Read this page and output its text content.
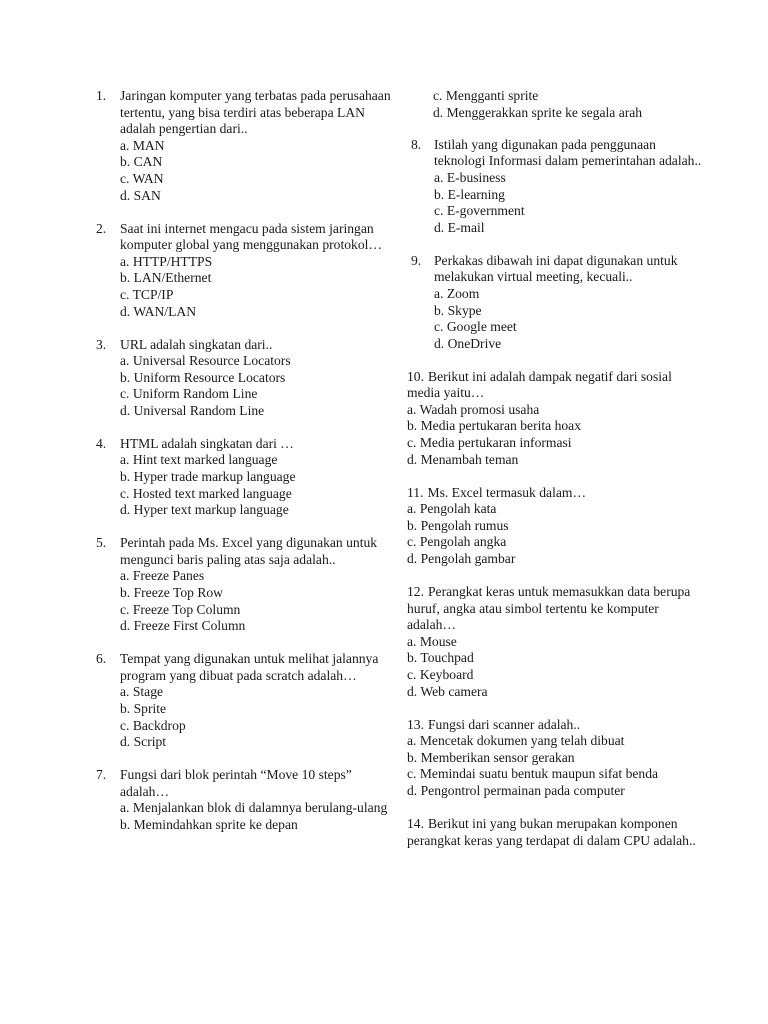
1. Jaringan komputer yang terbatas pada perusahaan tertentu, yang bisa terdiri atas beberapa LAN adalah pengertian dari..
a. MAN
b. CAN
c. WAN
d. SAN
2. Saat ini internet mengacu pada sistem jaringan komputer global yang menggunakan protokol…
a. HTTP/HTTPS
b. LAN/Ethernet
c. TCP/IP
d. WAN/LAN
3. URL adalah singkatan dari..
a. Universal Resource Locators
b. Uniform Resource Locators
c. Uniform Random Line
d. Universal Random Line
4. HTML adalah singkatan dari …
a. Hint text marked language
b. Hyper trade markup language
c. Hosted text marked language
d. Hyper text markup language
5. Perintah pada Ms. Excel yang digunakan untuk mengunci baris paling atas saja adalah..
a. Freeze Panes
b. Freeze Top Row
c. Freeze Top Column
d. Freeze First Column
6. Tempat yang digunakan untuk melihat jalannya program yang dibuat pada scratch adalah…
a. Stage
b. Sprite
c. Backdrop
d. Script
7. Fungsi dari blok perintah “Move 10 steps” adalah…
a. Menjalankan blok di dalamnya berulang-ulang
b. Memindahkan sprite ke depan
c. Mengganti sprite
d. Menggerakkan sprite ke segala arah
8. Istilah yang digunakan pada penggunaan teknologi Informasi dalam pemerintahan adalah..
a. E-business
b. E-learning
c. E-government
d. E-mail
9. Perkakas dibawah ini dapat digunakan untuk melakukan virtual meeting, kecuali..
a. Zoom
b. Skype
c. Google meet
d. OneDrive
10. Berikut ini adalah dampak negatif dari sosial media yaitu…
a. Wadah promosi usaha
b. Media pertukaran berita hoax
c. Media pertukaran informasi
d. Menambah teman
11. Ms. Excel termasuk dalam…
a. Pengolah kata
b. Pengolah rumus
c. Pengolah angka
d. Pengolah gambar
12. Perangkat keras untuk memasukkan data berupa huruf, angka atau simbol tertentu ke komputer adalah…
a. Mouse
b. Touchpad
c. Keyboard
d. Web camera
13. Fungsi dari scanner adalah..
a. Mencetak dokumen yang telah dibuat
b. Memberikan sensor gerakan
c. Memindai suatu bentuk maupun sifat benda
d. Pengontrol permainan pada computer
14. Berikut ini yang bukan merupakan komponen perangkat keras yang terdapat di dalam CPU adalah..
